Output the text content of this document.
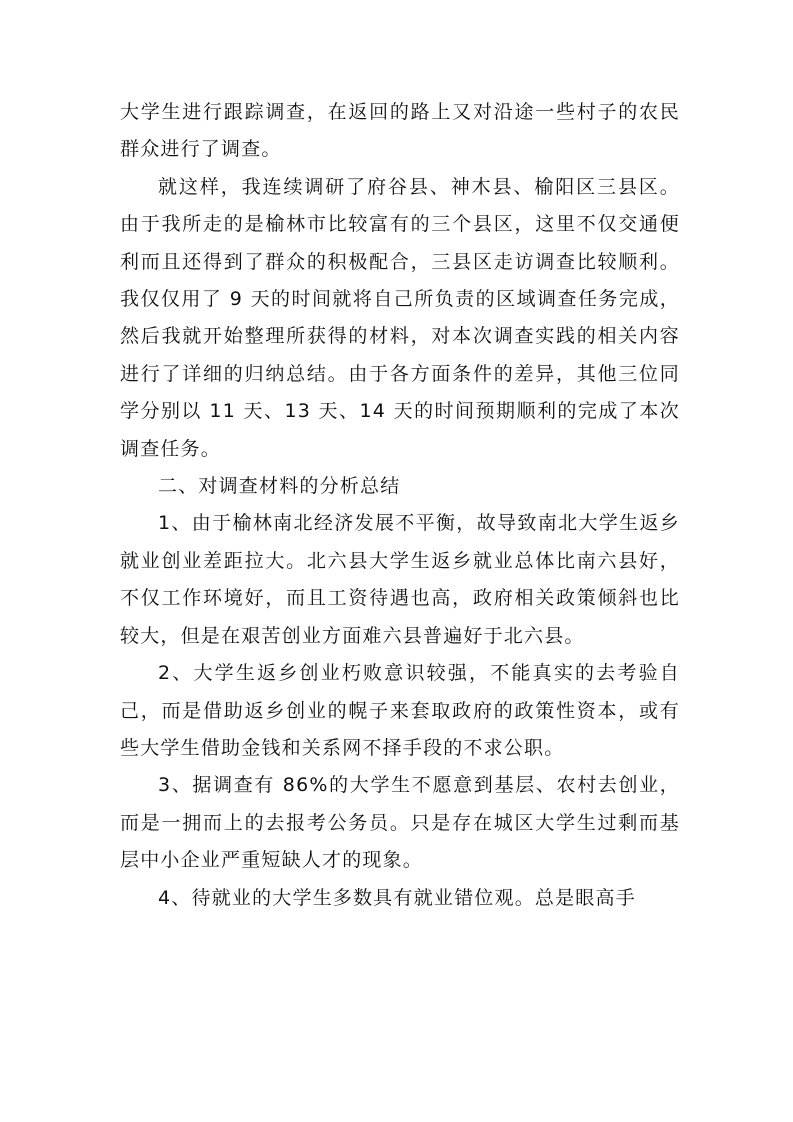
大学生进行跟踪调查，在返回的路上又对沿途一些村子的农民群众进行了调查。

就这样，我连续调研了府谷县、神木县、榆阳区三县区。由于我所走的是榆林市比较富有的三个县区，这里不仅交通便利而且还得到了群众的积极配合，三县区走访调查比较顺利。我仅仅用了 9 天的时间就将自己所负责的区域调查任务完成，然后我就开始整理所获得的材料，对本次调查实践的相关内容进行了详细的归纳总结。由于各方面条件的差异，其他三位同学分别以 11 天、13 天、14 天的时间预期顺利的完成了本次调查任务。

二、对调查材料的分析总结

1、由于榆林南北经济发展不平衡，故导致南北大学生返乡就业创业差距拉大。北六县大学生返乡就业总体比南六县好，不仅工作环境好，而且工资待遇也高，政府相关政策倾斜也比较大，但是在艰苦创业方面难六县普遍好于北六县。

2、大学生返乡创业朽败意识较强，不能真实的去考验自己，而是借助返乡创业的幌子来套取政府的政策性资本，或有些大学生借助金钱和关系网不择手段的不求公职。

3、据调查有 86%的大学生不愿意到基层、农村去创业，而是一拥而上的去报考公务员。只是存在城区大学生过剩而基层中小企业严重短缺人才的现象。

4、待就业的大学生多数具有就业错位观。总是眼高手
